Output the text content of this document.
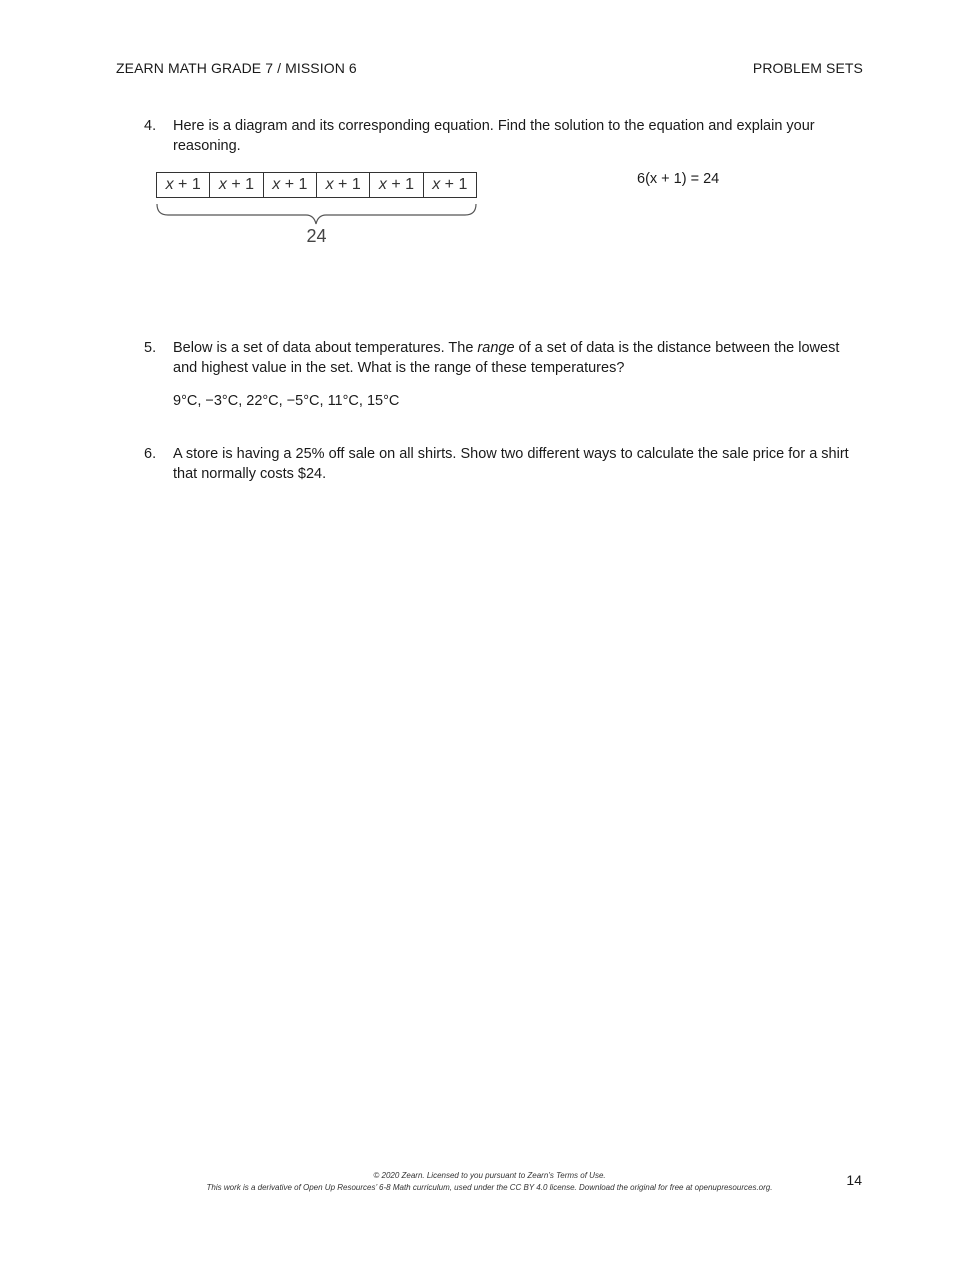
ZEARN MATH GRADE 7 / MISSION 6	PROBLEM SETS
4. Here is a diagram and its corresponding equation. Find the solution to the equation and explain your reasoning.
x + 1	x + 1	x + 1	x + 1	x + 1	x + 1
24
6(x + 1) = 24
5. Below is a set of data about temperatures. The range of a set of data is the distance between the lowest and highest value in the set. What is the range of these temperatures?
9°C, −3°C, 22°C, −5°C, 11°C, 15°C
6. A store is having a 25% off sale on all shirts. Show two different ways to calculate the sale price for a shirt that normally costs $24.
© 2020 Zearn. Licensed to you pursuant to Zearn’s Terms of Use.
This work is a derivative of Open Up Resources’ 6-8 Math curriculum, used under the CC BY 4.0 license. Download the original for free at openupresources.org.	14
